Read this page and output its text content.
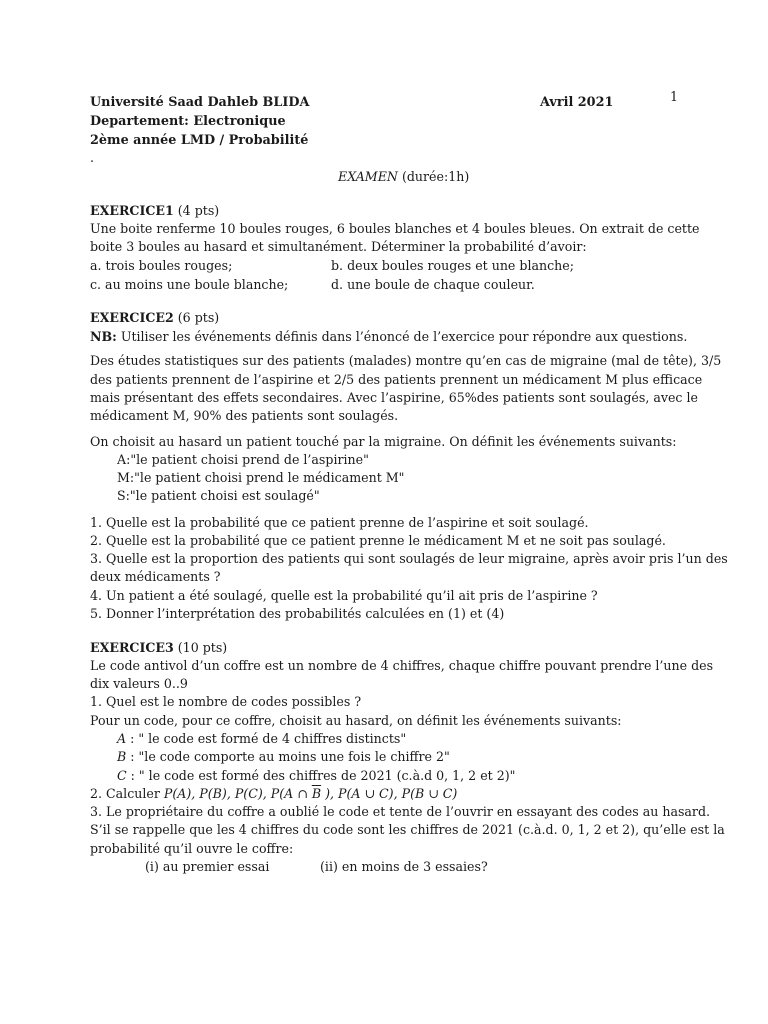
1
Université Saad Dahleb BLIDA	Avril 2021
Departement: Electronique
2ème année LMD / Probabilité
.
EXAMEN (durée:1h)
EXERCICE1 (4 pts)
Une boite renferme 10 boules rouges, 6 boules blanches et 4 boules bleues. On extrait de cette
boite 3 boules au hasard et simultanément. Déterminer la probabilité d’avoir:
a. trois boules rouges;	b. deux boules rouges et une blanche;
c. au moins une boule blanche;	d. une boule de chaque couleur.
EXERCICE2 (6 pts)
NB: Utiliser les événements définis dans l’énoncé de l’exercice pour répondre aux questions.
Des études statistiques sur des patients (malades) montre qu’en cas de migraine (mal de tête), 3/5
des patients prennent de l’aspirine et 2/5 des patients prennent un médicament M plus efficace
mais présentant des effets secondaires. Avec l’aspirine, 65%des patients sont soulagés, avec le
médicament M, 90% des patients sont soulagés.
On choisit au hasard un patient touché par la migraine. On définit les événements suivants:
A:"le patient choisi prend de l’aspirine"
M:"le patient choisi prend le médicament M"
S:"le patient choisi est soulagé"
1. Quelle est la probabilité que ce patient prenne de l’aspirine et soit soulagé.
2. Quelle est la probabilité que ce patient prenne le médicament M et ne soit pas soulagé.
3. Quelle est la proportion des patients qui sont soulagés de leur migraine, après avoir pris l’un des
deux médicaments ?
4. Un patient a été soulagé, quelle est la probabilité qu’il ait pris de l’aspirine ?
5. Donner l’interprétation des probabilités calculées en (1) et (4)
EXERCICE3 (10 pts)
Le code antivol d’un coffre est un nombre de 4 chiffres, chaque chiffre pouvant prendre l’une des
dix valeurs 0..9
1. Quel est le nombre de codes possibles ?
Pour un code, pour ce coffre, choisit au hasard, on définit les événements suivants:
A : " le code est formé de 4 chiffres distincts"
B : "le code comporte au moins une fois le chiffre 2"
C : " le code est formé des chiffres de 2021 (c.à.d 0, 1, 2 et 2)"
2. Calculer P(A), P(B), P(C), P(A ∩ $\overline{B}$ ), P(A ∪ C), P(B ∪ C)
3. Le propriétaire du coffre a oublié le code et tente de l’ouvrir en essayant des codes au hasard.
S’il se rappelle que les 4 chiffres du code sont les chiffres de 2021 (c.à.d. 0, 1, 2 et 2), qu’elle est la
probabilité qu’il ouvre le coffre:
(i) au premier essai	(ii) en moins de 3 essaies?
